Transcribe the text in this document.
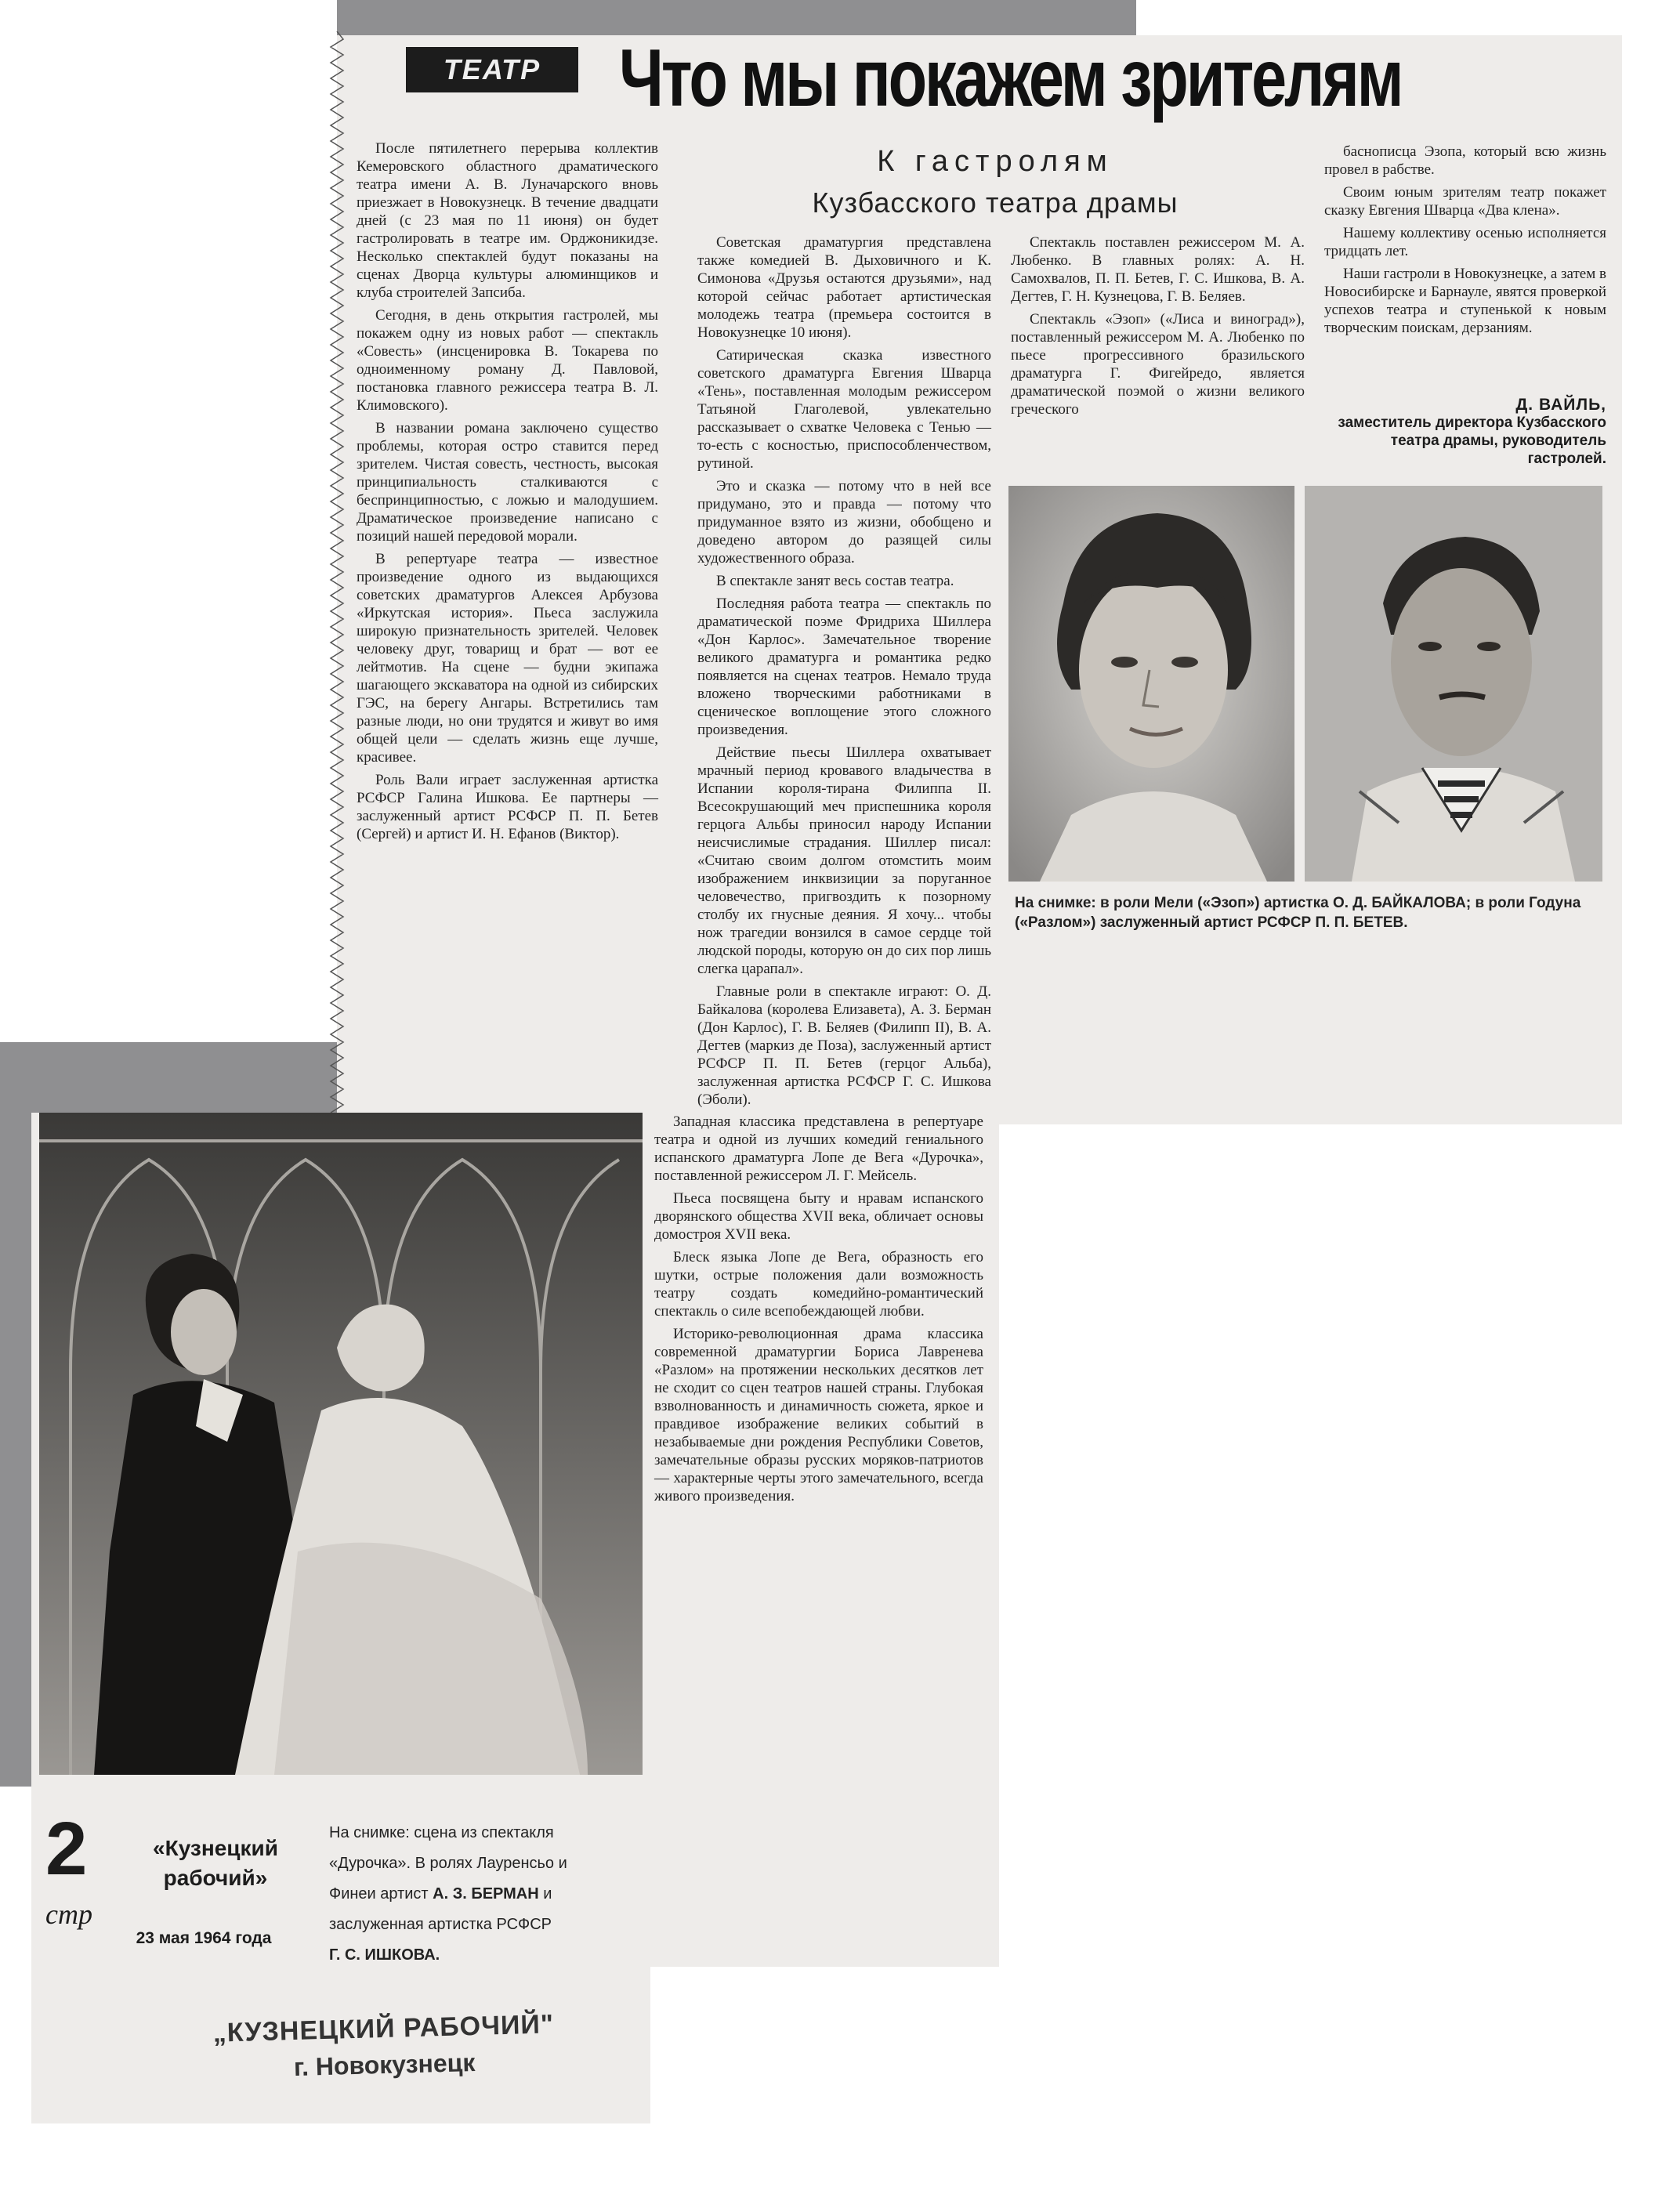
ТЕАТР Что мы покажем зрителям
К гастролям
Кузбасского театра драмы

После пятилетнего перерыва коллектив Кемеровского областного драматического театра имени А. В. Луначарского вновь приезжает в Новокузнецк. В течение двадцати дней (с 23 мая по 11 июня) он будет гастролировать в театре им. Орджоникидзе. Несколько спектаклей будут показаны на сценах Дворца культуры алюминщиков и клуба строителей Запсиба.

Сегодня, в день открытия гастролей, мы покажем одну из новых работ — спектакль «Совесть» (инсценировка В. Токарева по одноименному роману Д. Павловой, постановка главного режиссера театра В. Л. Климовского).

В названии романа заключено существо проблемы, которая остро ставится перед зрителем. Чистая совесть, честность, высокая принципиальность сталкиваются с беспринципностью, с ложью и малодушием. Драматическое произведение написано с позиций нашей передовой морали.

В репертуаре театра — известное произведение одного из выдающихся советских драматургов Алексея Арбузова «Иркутская история». Пьеса заслужила широкую признательность зрителей. Человек человеку друг, товарищ и брат — вот ее лейтмотив. На сцене — будни экипажа шагающего экскаватора на одной из сибирских ГЭС, на берегу Ангары. Встретились там разные люди, но они трудятся и живут во имя общей цели — сделать жизнь еще лучше, красивее.

Роль Вали играет заслуженная артистка РСФСР Галина Ишкова. Ее партнеры — заслуженный артист РСФСР П. П. Бетев (Сергей) и артист И. Н. Ефанов (Виктор).

Советская драматургия представлена также комедией В. Дыховичного и К. Симонова «Друзья остаются друзьями», над которой сейчас работает артистическая молодежь театра (премьера состоится в Новокузнецке 10 июня).

Сатирическая сказка известного советского драматурга Евгения Шварца «Тень», поставленная молодым режиссером Татьяной Глаголевой, увлекательно рассказывает о схватке Человека с Тенью — то-есть с косностью, приспособленчеством, рутиной.

Это и сказка — потому что в ней все придумано, это и правда — потому что придуманное взято из жизни, обобщено и доведено автором до разящей силы художественного образа.

В спектакле занят весь состав театра.

Последняя работа театра — спектакль по драматической поэме Фридриха Шиллера «Дон Карлос». Замечательное творение великого драматурга и романтика редко появляется на сценах театров. Немало труда вложено творческими работниками в сценическое воплощение этого сложного произведения.

Действие пьесы Шиллера охватывает мрачный период кровавого владычества в Испании короля-тирана Филиппа II. Всесокрушающий меч приспешника короля герцога Альбы приносил народу Испании неисчислимые страдания. Шиллер писал: «Считаю своим долгом отомстить моим изображением инквизиции за поруганное человечество, пригвоздить к позорному столбу их гнусные деяния. Я хочу... чтобы нож трагедии вонзился в самое сердце той людской породы, которую он до сих пор лишь слегка царапал».

Главные роли в спектакле играют: О. Д. Байкалова (королева Елизавета), А. З. Берман (Дон Карлос), Г. В. Беляев (Филипп II), В. А. Дегтев (маркиз де Поза), заслуженный артист РСФСР П. П. Бетев (герцог Альба), заслуженная артистка РСФСР Г. С. Ишкова (Эболи).

Западная классика представлена в репертуаре театра и одной из лучших комедий гениального испанского драматурга Лопе де Вега «Дурочка», поставленной режиссером Л. Г. Мейсель.

Пьеса посвящена быту и нравам испанского дворянского общества XVII века, обличает основы домостроя XVII века.

Блеск языка Лопе де Вега, образность его шутки, острые положения дали возможность театру создать комедийно-романтический спектакль о силе всепобеждающей любви.

Историко-революционная драма классика современной драматургии Бориса Лавренева «Разлом» на протяжении нескольких десятков лет не сходит со сцен театров нашей страны. Глубокая взволнованность и динамичность сюжета, яркое и правдивое изображение великих событий в незабываемые дни рождения Республики Советов, замечательные образы русских моряков-патриотов — характерные черты этого замечательного, всегда живого произведения.

Спектакль поставлен режиссером М. А. Любенко. В главных ролях: А. Н. Самохвалов, П. П. Бетев, Г. С. Ишкова, В. А. Дегтев, Г. Н. Кузнецова, Г. В. Беляев.

Спектакль «Эзоп» («Лиса и виноград»), поставленный режиссером М. А. Любенко по пьесе прогрессивного бразильского драматурга Г. Фигейредо, является драматической поэмой о жизни великого греческого

баснописца Эзопа, который всю жизнь провел в рабстве.

Своим юным зрителям театр покажет сказку Евгения Шварца «Два клена».

Нашему коллективу осенью исполняется тридцать лет.

Наши гастроли в Новокузнецке, а затем в Новосибирске и Барнауле, явятся проверкой успехов театра и ступенькой к новым творческим поискам, дерзаниям.

Д. ВАЙЛЬ,
заместитель директора Кузбасского театра драмы, руководитель гастролей.
На снимке: в роли Мели («Эзоп») артистка О. Д. БАЙКАЛОВА; в роли Годуна («Разлом») заслуженный артист РСФСР П. П. БЕТЕВ.
2
стр
«Кузнецкий
рабочий»
23 мая 1964 года
На снимке: сцена из спектакля
«Дурочка». В ролях Лауренсьо и
Финеи артист А. З. БЕРМАН и
заслуженная артистка РСФСР
Г. С. ИШКОВА.
„КУЗНЕЦКИЙ РАБОЧИЙ"
г. Новокузнецк
